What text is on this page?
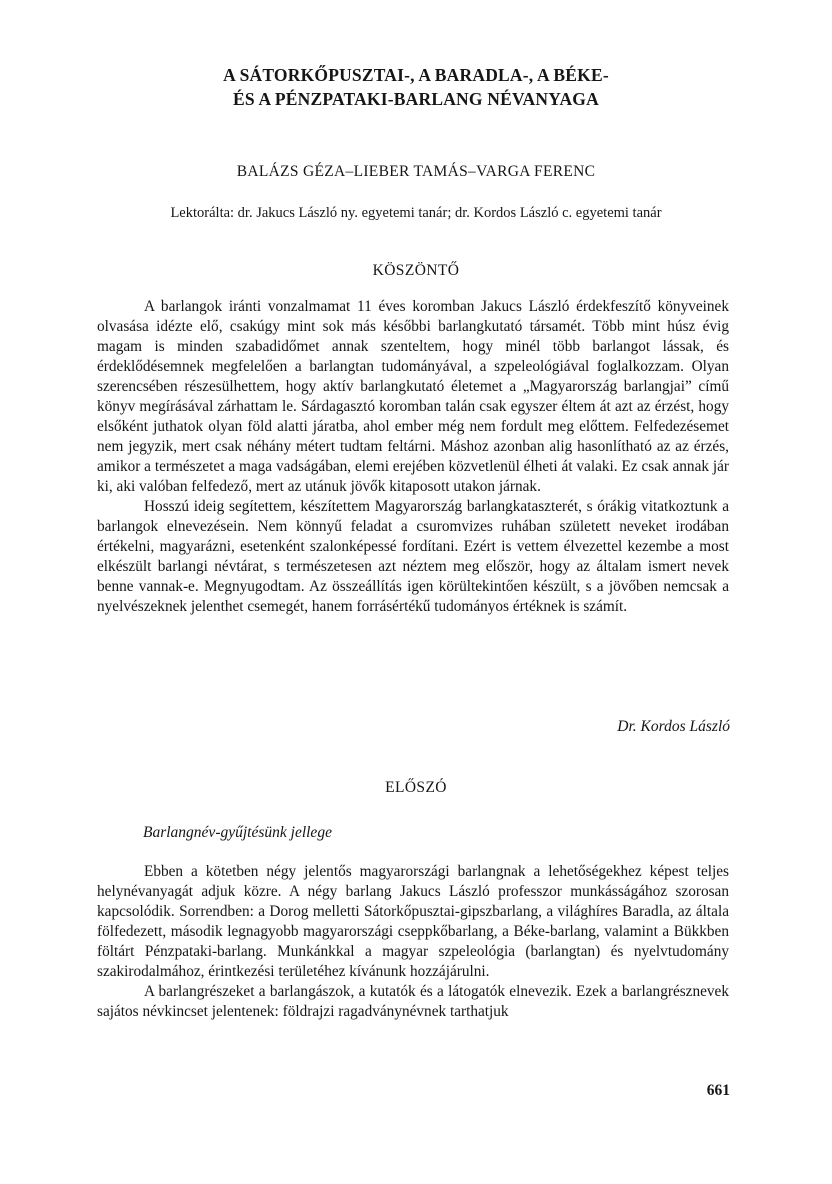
A SÁTORKŐPUSZTAI-, A BARADLA-, A BÉKE-
ÉS A PÉNZPATAKI-BARLANG NÉVANYAGA
BALÁZS GÉZA–LIEBER TAMÁS–VARGA FERENC
Lektorálta: dr. Jakucs László ny. egyetemi tanár; dr. Kordos László c. egyetemi tanár
KÖSZÖNTŐ

A barlangok iránti vonzalmamat 11 éves koromban Jakucs László érdekfeszítő könyveinek olvasása idézte elő, csakúgy mint sok más későbbi barlangkutató társamét. Több mint húsz évig magam is minden szabadidőmet annak szenteltem, hogy minél több barlangot lássak, és érdeklődésemnek megfelelően a barlangtan tudományával, a szpeleológiával foglalkozzam. Olyan szerencsében részesülhettem, hogy aktív barlangkutató életemet a „Magyarország barlangjai” című könyv megírásával zárhattam le. Sárdagasztó koromban talán csak egyszer éltem át azt az érzést, hogy elsőként juthatok olyan föld alatti járatba, ahol ember még nem fordult meg előttem. Felfedezésemet nem jegyzik, mert csak néhány métert tudtam feltárni. Máshoz azonban alig hasonlítható az az érzés, amikor a természetet a maga vadságában, elemi erejében közvetlenül élheti át valaki. Ez csak annak jár ki, aki valóban felfedező, mert az utánuk jövők kitaposott utakon járnak.

Hosszú ideig segítettem, készítettem Magyarország barlangkataszterét, s órákig vitatkoztunk a barlangok elnevezésein. Nem könnyű feladat a csuromvizes ruhában született neveket irodában értékelni, magyarázni, esetenként szalonképessé fordítani. Ezért is vettem élvezettel kezembe a most elkészült barlangi névtárat, s természetesen azt néztem meg először, hogy az általam ismert nevek benne vannak-e. Megnyugodtam. Az összeállítás igen körültekintően készült, s a jövőben nemcsak a nyelvészeknek jelenthet csemegét, hanem forrásértékű tudományos értéknek is számít.

Dr. Kordos László
ELŐSZÓ
Barlangnév-gyűjtésünk jellege

Ebben a kötetben négy jelentős magyarországi barlangnak a lehetőségekhez képest teljes helynévanyagát adjuk közre. A négy barlang Jakucs László professzor munkásságához szorosan kapcsolódik. Sorrendben: a Dorog melletti Sátorkőpusztai-gipszbarlang, a világhíres Baradla, az általa fölfedezett, második legnagyobb magyarországi cseppkőbarlang, a Béke-barlang, valamint a Bükkben föltárt Pénzpataki-barlang. Munkánkkal a magyar szpeleológia (barlangtan) és nyelvtudomány szakirodalmához, érintkezési területéhez kívánunk hozzájárulni.

A barlangrészeket a barlangászok, a kutatók és a látogatók elnevezik. Ezek a barlangrésznevek sajátos névkincset jelentenek: földrajzi ragadványnévnek tarthatjuk

661
